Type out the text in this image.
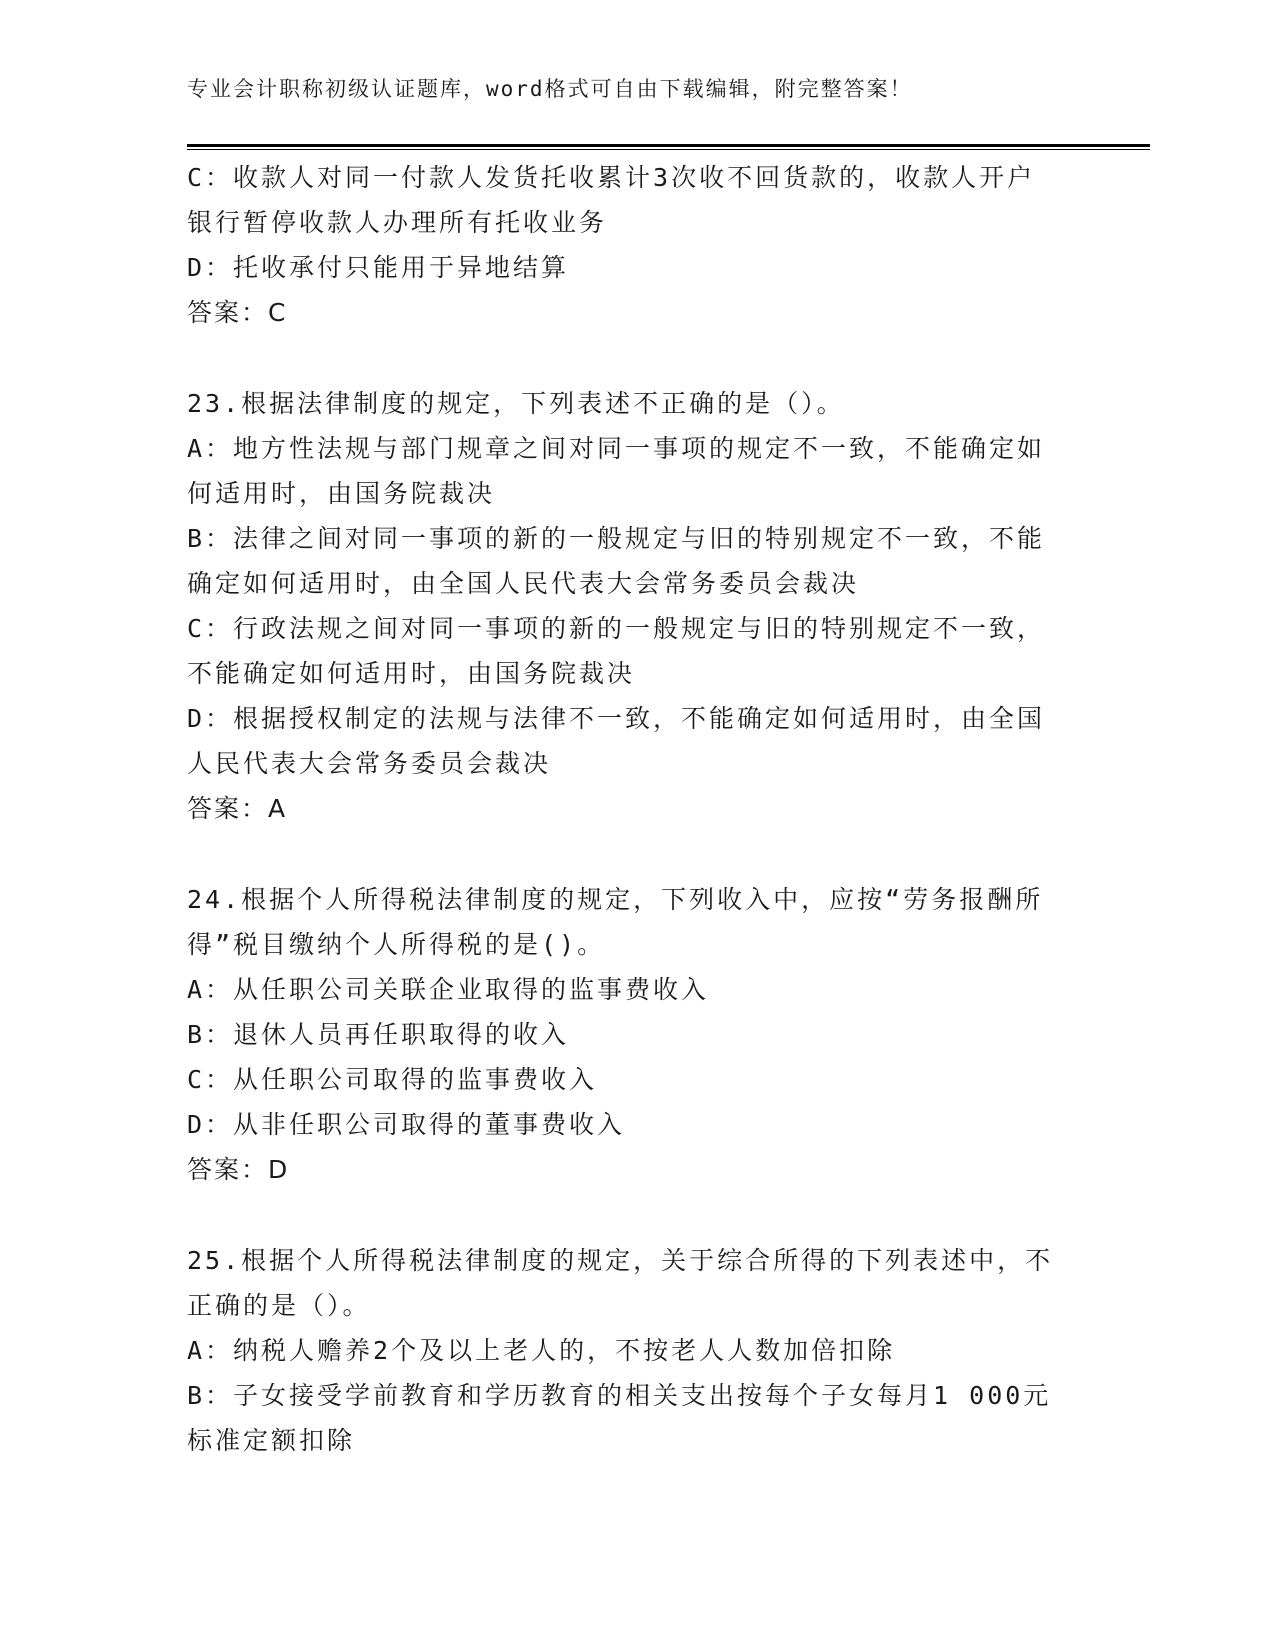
专业会计职称初级认证题库，word格式可自由下载编辑，附完整答案！
C：收款人对同一付款人发货托收累计3次收不回货款的，收款人开户
银行暂停收款人办理所有托收业务
D：托收承付只能用于异地结算
答案：C
23.根据法律制度的规定，下列表述不正确的是（）。
A：地方性法规与部门规章之间对同一事项的规定不一致，不能确定如
何适用时，由国务院裁决
B：法律之间对同一事项的新的一般规定与旧的特别规定不一致，不能
确定如何适用时，由全国人民代表大会常务委员会裁决
C：行政法规之间对同一事项的新的一般规定与旧的特别规定不一致，
不能确定如何适用时，由国务院裁决
D：根据授权制定的法规与法律不一致，不能确定如何适用时，由全国
人民代表大会常务委员会裁决
答案：A
24.根据个人所得税法律制度的规定，下列收入中，应按“劳务报酬所
得”税目缴纳个人所得税的是()。
A：从任职公司关联企业取得的监事费收入
B：退休人员再任职取得的收入
C：从任职公司取得的监事费收入
D：从非任职公司取得的董事费收入
答案：D
25.根据个人所得税法律制度的规定，关于综合所得的下列表述中，不
正确的是（）。
A：纳税人赡养2个及以上老人的，不按老人人数加倍扣除
B：子女接受学前教育和学历教育的相关支出按每个子女每月1 000元
标准定额扣除
